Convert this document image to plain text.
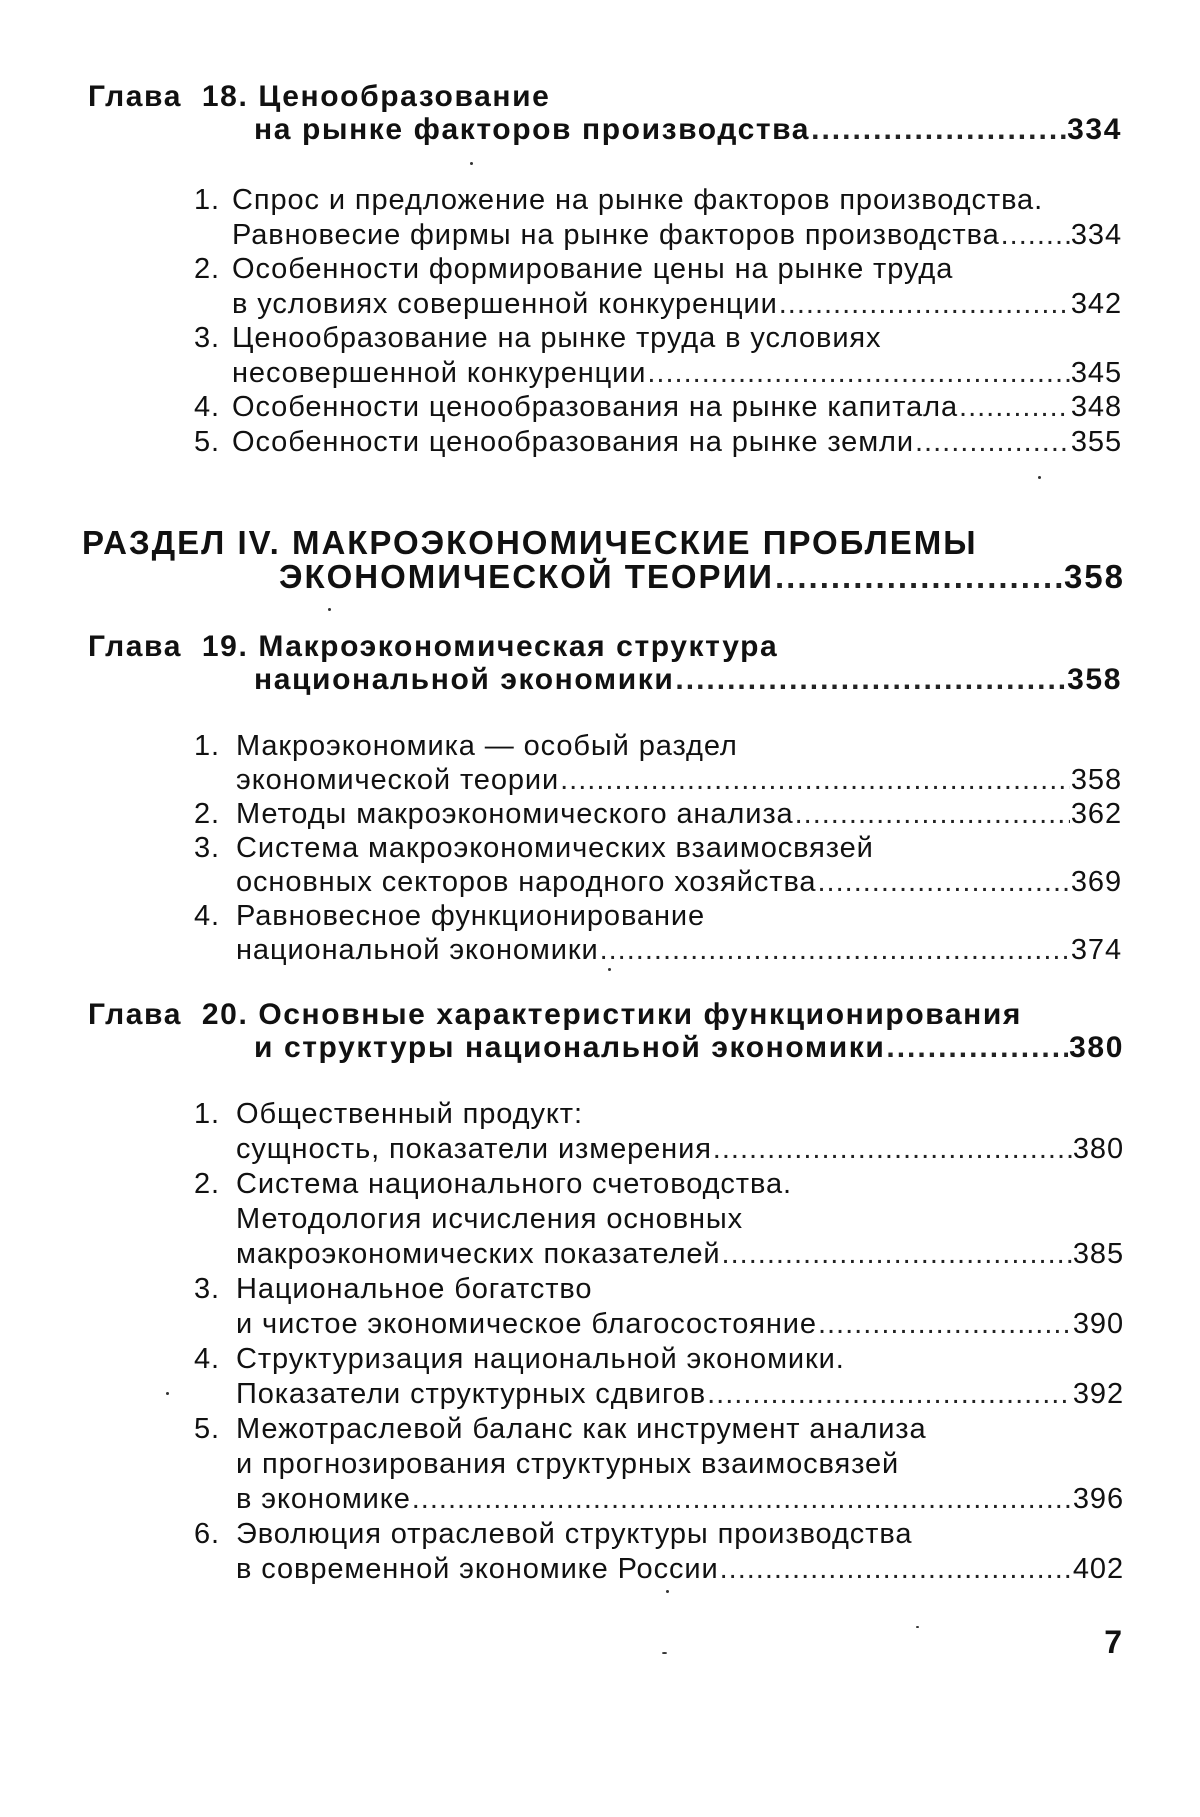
Глава
18.
Ценообразование
на рынке факторов производства .....	334
1. Спрос и предложение на рынке факторов производства.
Равновесие фирмы на рынке факторов производства ..... 334
2. Особенности формирование цены на рынке труда
в условиях совершенной конкуренции .....	342
3. Ценообразование на рынке труда в условиях
несовершенной конкуренции .....	345
4. Особенности ценообразования на рынке капитала .....	348
5. Особенности ценообразования на рынке земли .....	355
РАЗДЕЛ IV.
МАКРОЭКОНОМИЧЕСКИЕ ПРОБЛЕМЫ
ЭКОНОМИЧЕСКОЙ ТЕОРИИ .....	358
Глава
19.
Макроэкономическая структура
национальной экономики .....	358
1. Макроэкономика — особый раздел
экономической теории .....	358
2. Методы макроэкономического анализа .....	362
3. Система макроэкономических взаимосвязей
основных секторов народного хозяйства .....	369
4. Равновесное функционирование
национальной экономики .....	374
Глава
20.
Основные характеристики функционирования
и структуры национальной экономики .....	380
1. Общественный продукт:
сущность, показатели измерения .....	380
2. Система национального счетоводства.
Методология исчисления основных
макроэкономических показателей .....	385
3. Национальное богатство
и чистое экономическое благосостояние .....	390
4. Структуризация национальной экономики.
Показатели структурных сдвигов .....	392
5. Межотраслевой баланс как инструмент анализа
и прогнозирования структурных взаимосвязей
в экономике .....	396
6. Эволюция отраслевой структуры производства
в современной экономике России .....	402
7
